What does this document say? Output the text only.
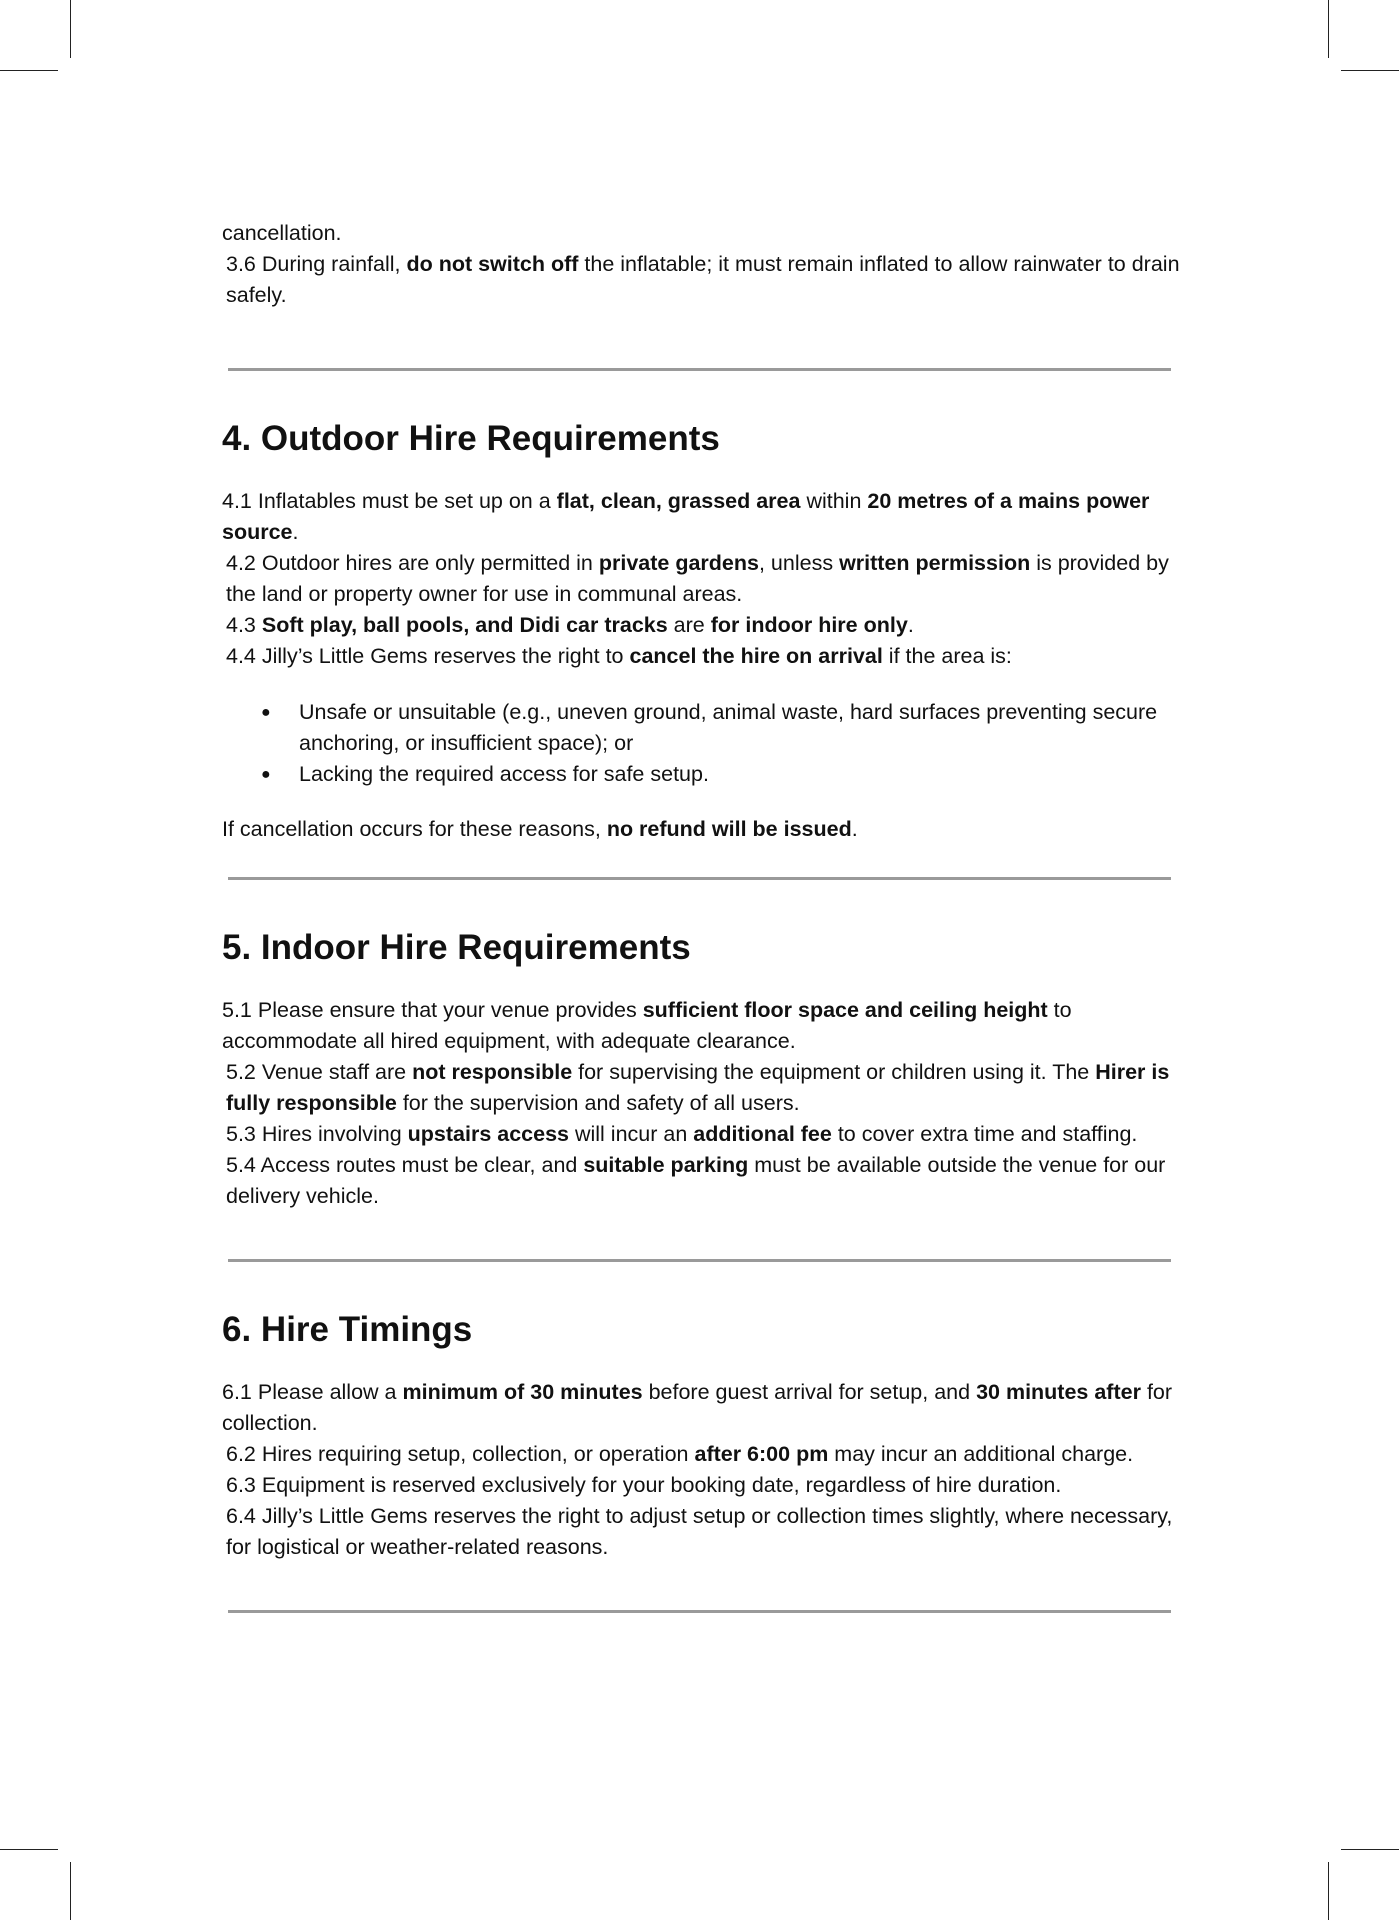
cancellation.

3.6 During rainfall, do not switch off the inflatable; it must remain inflated to allow rainwater to drain safely.

4. Outdoor Hire Requirements

4.1 Inflatables must be set up on a flat, clean, grassed area within 20 metres of a mains power source.

4.2 Outdoor hires are only permitted in private gardens, unless written permission is provided by the land or property owner for use in communal areas.

4.3 Soft play, ball pools, and Didi car tracks are for indoor hire only.

4.4 Jilly’s Little Gems reserves the right to cancel the hire on arrival if the area is:

● Unsafe or unsuitable (e.g., uneven ground, animal waste, hard surfaces preventing secure anchoring, or insufficient space); or
● Lacking the required access for safe setup.

If cancellation occurs for these reasons, no refund will be issued.

5. Indoor Hire Requirements

5.1 Please ensure that your venue provides sufficient floor space and ceiling height to accommodate all hired equipment, with adequate clearance.

5.2 Venue staff are not responsible for supervising the equipment or children using it. The Hirer is fully responsible for the supervision and safety of all users.

5.3 Hires involving upstairs access will incur an additional fee to cover extra time and staffing.

5.4 Access routes must be clear, and suitable parking must be available outside the venue for our delivery vehicle.

6. Hire Timings

6.1 Please allow a minimum of 30 minutes before guest arrival for setup, and 30 minutes after for collection.

6.2 Hires requiring setup, collection, or operation after 6:00 pm may incur an additional charge.

6.3 Equipment is reserved exclusively for your booking date, regardless of hire duration.

6.4 Jilly’s Little Gems reserves the right to adjust setup or collection times slightly, where necessary, for logistical or weather-related reasons.
